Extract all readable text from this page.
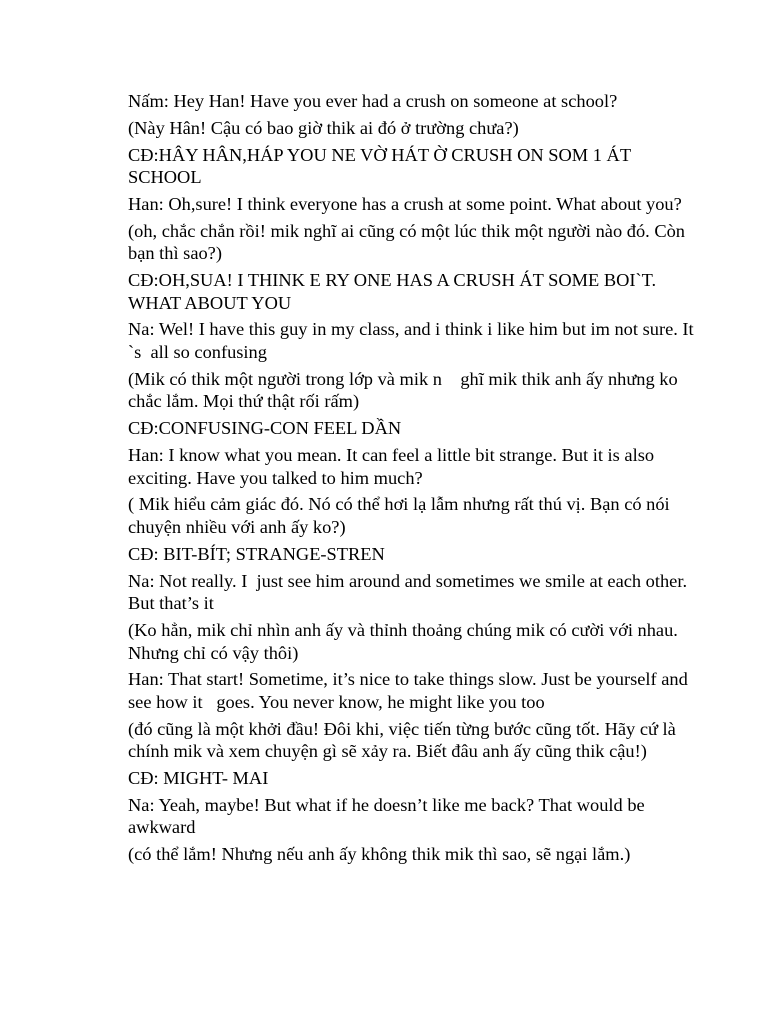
Nấm: Hey Han! Have you ever had a crush on someone at school?

(Này Hân! Cậu có bao giờ thik ai đó ở trường chưa?)

CĐ:HÂY HÂN,HÁP YOU NE VỜ HÁT Ờ CRUSH ON SOM 1 ÁT SCHOOL

Han: Oh,sure! I think everyone has a crush at some point. What about you?

(oh, chắc chắn rồi! mik nghĩ ai cũng có một lúc thik một người nào đó. Còn bạn thì sao?)

CĐ:OH,SUA! I THINK E RY ONE HAS A CRUSH ÁT SOME BOI`T. WHAT ABOUT YOU

Na: Wel! I have this guy in my class, and i think i like him but im not sure. It `s  all so confusing

(Mik có thik một người trong lớp và mik n    ghĩ mik thik anh ấy nhưng ko chắc lắm. Mọi thứ thật rối rấm)

CĐ:CONFUSING-CON FEEL DẦN

Han: I know what you mean. It can feel a little bit strange. But it is also exciting. Have you talked to him much?

( Mik hiểu cảm giác đó. Nó có thể hơi lạ lẫm nhưng rất thú vị. Bạn có nói chuyện nhiều với anh ấy ko?)

CĐ: BIT-BÍT; STRANGE-STREN

Na: Not really. I  just see him around and sometimes we smile at each other. But that’s it

(Ko hẳn, mik chỉ nhìn anh ấy và thỉnh thoảng chúng mik có cười với nhau. Nhưng chỉ có vậy thôi)

Han: That start! Sometime, it’s nice to take things slow. Just be yourself and see how it   goes. You never know, he might like you too

(đó cũng là một khởi đầu! Đôi khi, việc tiến từng bước cũng tốt. Hãy cứ là chính mik và xem chuyện gì sẽ xảy ra. Biết đâu anh ấy cũng thik cậu!)

CĐ: MIGHT- MAI

Na: Yeah, maybe! But what if he doesn’t like me back? That would be awkward

(có thể lắm! Nhưng nếu anh ấy không thik mik thì sao, sẽ ngại lắm.)
